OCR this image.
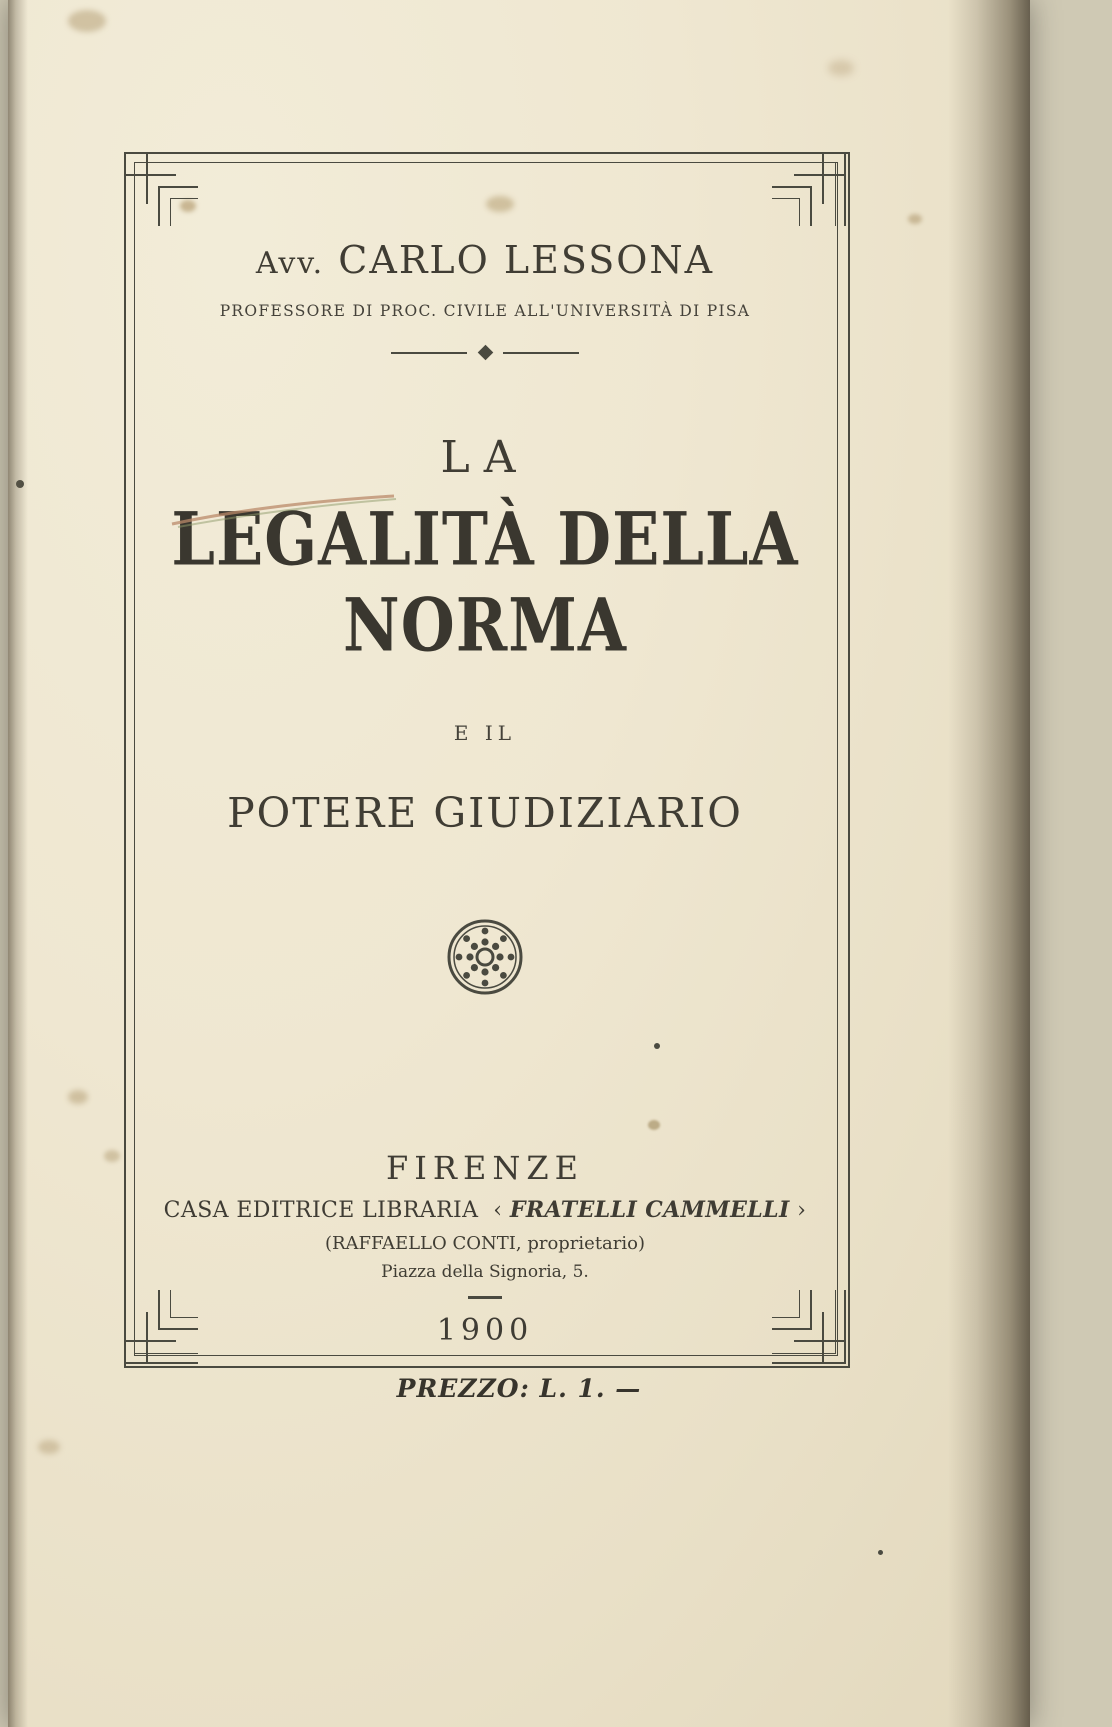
Avv. CARLO LESSONA
PROFESSORE DI PROC. CIVILE ALL'UNIVERSITÀ DI PISA
LA
LEGALITÀ DELLA NORMA
E IL
POTERE GIUDIZIARIO
FIRENZE
CASA EDITRICE LIBRARIA  ‹ FRATELLI CAMMELLI ›
(RAFFAELLO CONTI, proprietario)
Piazza della Signoria, 5.
1900
PREZZO: L. 1. —
